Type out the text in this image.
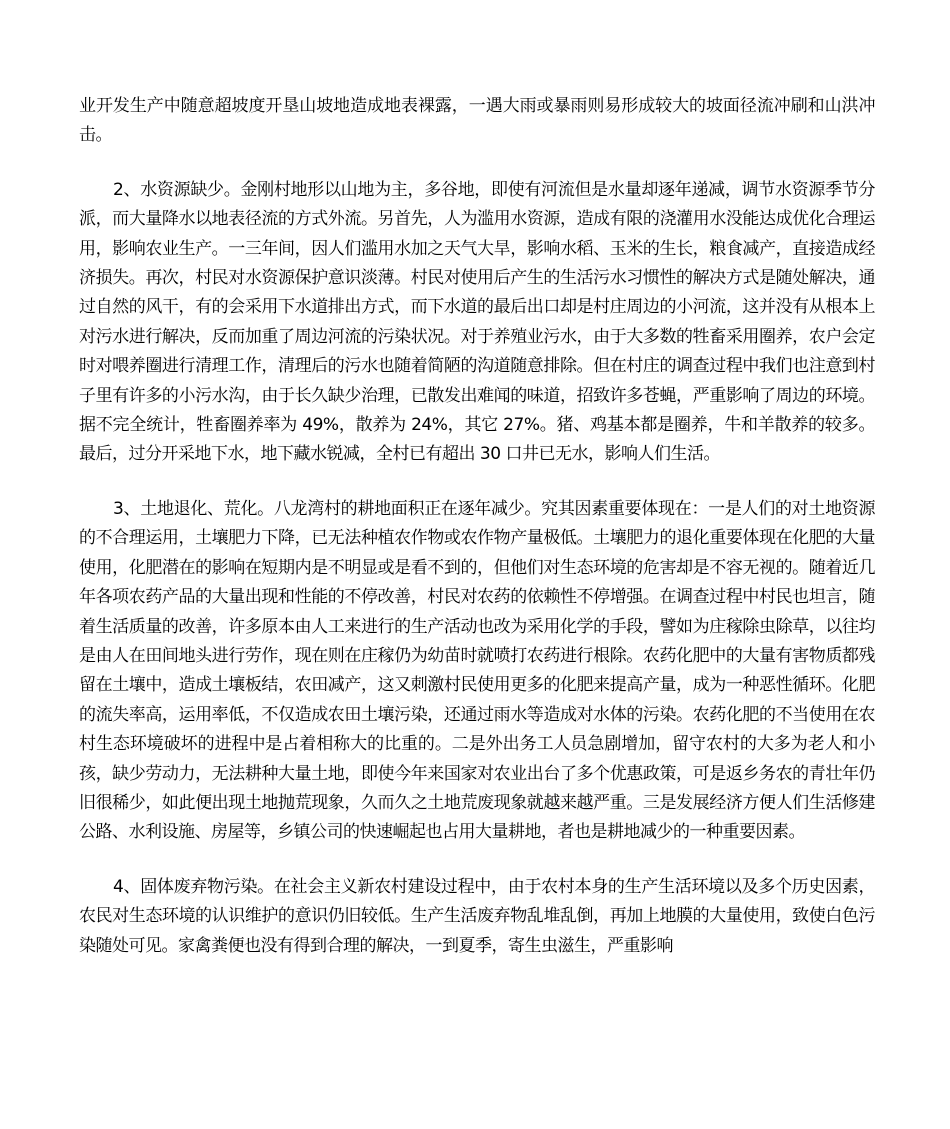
业开发生产中随意超坡度开垦山坡地造成地表裸露，一遇大雨或暴雨则易形成较大的坡面径流冲刷和山洪冲击。

2、水资源缺少。金刚村地形以山地为主，多谷地，即使有河流但是水量却逐年递减，调节水资源季节分派，而大量降水以地表径流的方式外流。另首先，人为滥用水资源，造成有限的浇灌用水没能达成优化合理运用，影响农业生产。一三年间，因人们滥用水加之天气大旱，影响水稻、玉米的生长，粮食减产，直接造成经济损失。再次，村民对水资源保护意识淡薄。村民对使用后产生的生活污水习惯性的解决方式是随处解决，通过自然的风干，有的会采用下水道排出方式，而下水道的最后出口却是村庄周边的小河流，这并没有从根本上对污水进行解决，反而加重了周边河流的污染状况。对于养殖业污水，由于大多数的牲畜采用圈养，农户会定时对喂养圈进行清理工作，清理后的污水也随着简陋的沟道随意排除。但在村庄的调查过程中我们也注意到村子里有许多的小污水沟，由于长久缺少治理，已散发出难闻的味道，招致许多苍蝇，严重影响了周边的环境。据不完全统计，牲畜圈养率为 49%，散养为 24%，其它 27%。猪、鸡基本都是圈养，牛和羊散养的较多。最后，过分开采地下水，地下藏水锐减，全村已有超出 30 口井已无水，影响人们生活。

3、土地退化、荒化。八龙湾村的耕地面积正在逐年减少。究其因素重要体现在：一是人们的对土地资源的不合理运用，土壤肥力下降，已无法种植农作物或农作物产量极低。土壤肥力的退化重要体现在化肥的大量使用，化肥潜在的影响在短期内是不明显或是看不到的，但他们对生态环境的危害却是不容无视的。随着近几年各项农药产品的大量出现和性能的不停改善，村民对农药的依赖性不停增强。在调查过程中村民也坦言，随着生活质量的改善，许多原本由人工来进行的生产活动也改为采用化学的手段，譬如为庄稼除虫除草，以往均是由人在田间地头进行劳作，现在则在庄稼仍为幼苗时就喷打农药进行根除。农药化肥中的大量有害物质都残留在土壤中，造成土壤板结，农田减产，这又刺激村民使用更多的化肥来提高产量，成为一种恶性循环。化肥的流失率高，运用率低，不仅造成农田土壤污染，还通过雨水等造成对水体的污染。农药化肥的不当使用在农村生态环境破坏的进程中是占着相称大的比重的。二是外出务工人员急剧增加，留守农村的大多为老人和小孩，缺少劳动力，无法耕种大量土地，即使今年来国家对农业出台了多个优惠政策，可是返乡务农的青壮年仍旧很稀少，如此便出现土地抛荒现象，久而久之土地荒废现象就越来越严重。三是发展经济方便人们生活修建公路、水利设施、房屋等，乡镇公司的快速崛起也占用大量耕地，者也是耕地减少的一种重要因素。

4、固体废弃物污染。在社会主义新农村建设过程中，由于农村本身的生产生活环境以及多个历史因素，农民对生态环境的认识维护的意识仍旧较低。生产生活废弃物乱堆乱倒，再加上地膜的大量使用，致使白色污染随处可见。家禽粪便也没有得到合理的解决，一到夏季，寄生虫滋生，严重影响
